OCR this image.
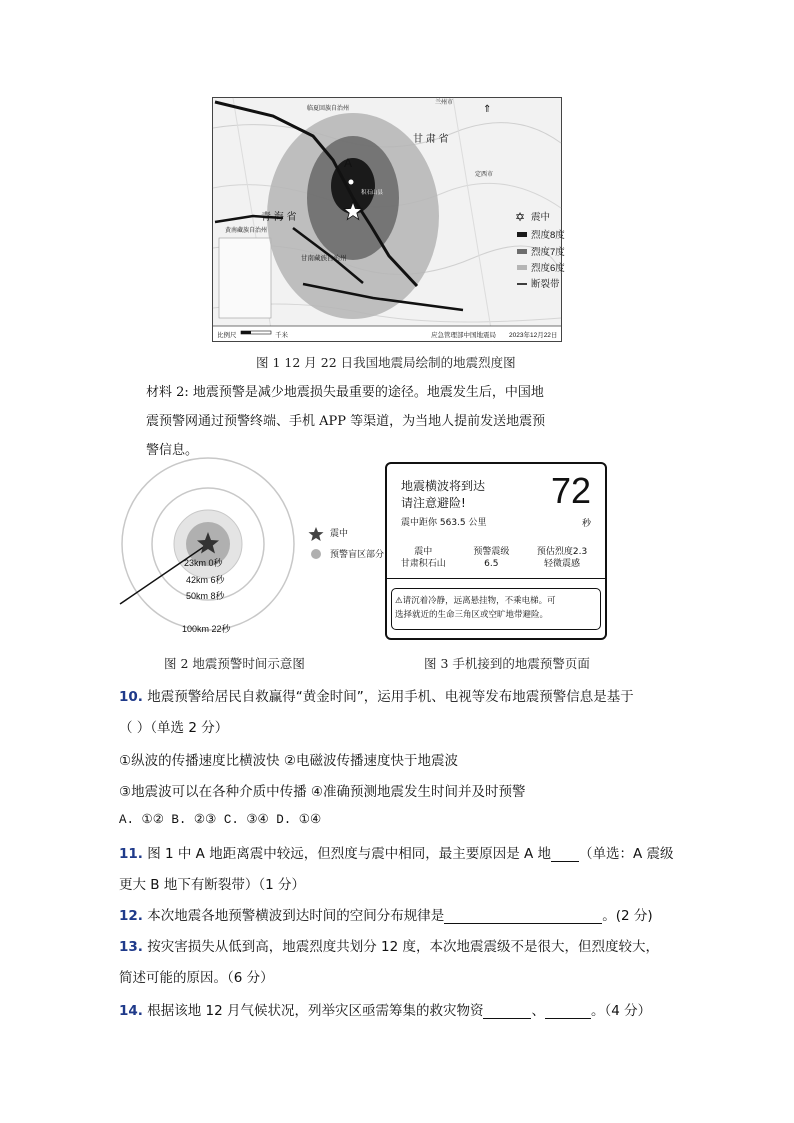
A
甘 肃 省
青 海 省
黄南藏族自治州
甘南藏族自治州
临夏回族自治州
兰州市
定西市
积石山县
⇑
✡ 震中
烈度8度
烈度7度
烈度6度
断裂带
比例尺	千米	应急管理部中国地震局 2023年12月22日
图 1 12 月 22 日我国地震局绘制的地震烈度图
材料 2: 地震预警是减少地震损失最重要的途径。地震发生后，中国地震预警网通过预警终端、手机 APP 等渠道，为当地人提前发送地震预警信息。
23km 0秒
42km 6秒
50km 8秒
100km 22秒
震中
预警盲区部分
地震横波将到达
请注意避险! 72
秒
震中距你 563.5 公里
震中
甘肃积石山
预警震级
6.5
预估烈度2.3
轻微震感
⚠请沉着冷静，远离悬挂物，不乘电梯。可
选择就近的生命三角区或空旷地带避险。
图 2 地震预警时间示意图	图 3 手机接到的地震预警页面
10. 地震预警给居民自救赢得“黄金时间”，运用手机、电视等发布地震预警信息是基于
（ ）（单选 2 分）
①纵波的传播速度比横波快 ②电磁波传播速度快于地震波
③地震波可以在各种介质中传播 ④准确预测地震发生时间并及时预警
A. ①② B. ②③ C. ③④ D. ①④
11. 图 1 中 A 地距离震中较远，但烈度与震中相同，最主要原因是 A 地 （单选：A 震级
更大 B 地下有断裂带）（1 分）
12. 本次地震各地预警横波到达时间的空间分布规律是	。(2 分)
13. 按灾害损失从低到高，地震烈度共划分 12 度，本次地震震级不是很大，但烈度较大，
简述可能的原因。（6 分）
14. 根据该地 12 月气候状况，列举灾区亟需筹集的救灾物资	、	。（4 分）
